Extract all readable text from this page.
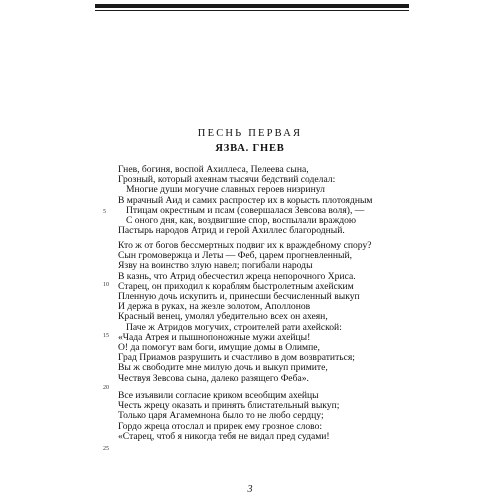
ПЕСНЬ ПЕРВАЯ
ЯЗВА. ГНЕВ
Гнев, богиня, воспой Ахиллеса, Пелеева сына,
Грозный, который ахеянам тысячи бедствий соделал:
Многие души могучие славных героев низринул
В мрачный Аид и самих распростер их в корысть плотоядным
Птицам окрестным и псам (совершалася Зевсова воля), —
С оного дня, как, воздвигшие спор, воспылали враждою
Пастырь народов Атрид и герой Ахиллес благородный.
Кто ж от богов бессмертных подвиг их к враждебному спору?
Сын громовержца и Леты — Феб, царем прогневленный,
Язву на воинство злую навел; погибали народы
В казнь, что Атрид обесчестил жреца непорочного Хриса.
Старец, он приходил к кораблям быстролетным ахейским
Пленную дочь искупить и, принесши бесчисленный выкуп
И держа в руках, на жезле золотом, Аполлонов
Красный венец, умолял убедительно всех он ахеян,
Паче ж Атридов могучих, строителей рати ахейской:
«Чада Атрея и пышнопоножные мужи ахейцы!
О! да помогут вам боги, имущие домы в Олимпе,
Град Приамов разрушить и счастливо в дом возвратиться;
Вы ж свободите мне милую дочь и выкуп примите,
Чествуя Зевсова сына, далеко разящего Феба».
Все изъявили согласие криком всеобщим ахейцы
Честь жрецу оказать и принять блистательный выкуп;
Только царя Агамемнона было то не любо сердцу;
Гордо жреца отослал и прирек ему грозное слово:
«Старец, чтоб я никогда тебя не видал пред судами!
5
10
15
20
25
3
